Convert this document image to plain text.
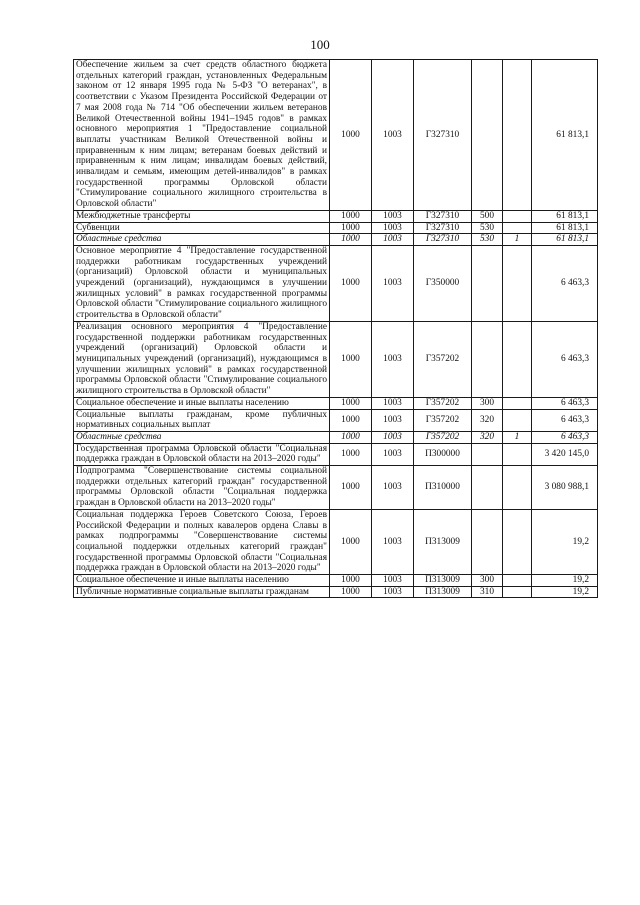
100
Обеспечение жильем за счет средств областного бюджета отдельных категорий граждан, установленных Федеральным законом от 12 января 1995 года № 5-ФЗ "О ветеранах", в соответствии с Указом Президента Российской Федерации от 7 мая 2008 года № 714 "Об обеспечении жильем ветеранов Великой Отечественной войны 1941–1945 годов" в рамках основного мероприятия 1 "Предоставление социальной выплаты участникам Великой Отечественной войны и приравненным к ним лицам; ветеранам боевых действий и приравненным к ним лицам; инвалидам боевых действий, инвалидам и семьям, имеющим детей-инвалидов" в рамках государственной программы Орловской области "Стимулирование социального жилищного строительства в Орловской области"	1000	1003	Г327310			61 813,1
Межбюджетные трансферты	1000	1003	Г327310	500		61 813,1
Субвенции	1000	1003	Г327310	530		61 813,1
Областные средства	1000	1003	Г327310	530	1	61 813,1
Основное мероприятие 4 "Предоставление государственной поддержки работникам государственных учреждений (организаций) Орловской области и муниципальных учреждений (организаций), нуждающимся в улучшении жилищных условий" в рамках государственной программы Орловской области "Стимулирование социального жилищного строительства в Орловской области"	1000	1003	Г350000			6 463,3
Реализация основного мероприятия 4 "Предоставление государственной поддержки работникам государственных учреждений (организаций) Орловской области и муниципальных учреждений (организаций), нуждающимся в улучшении жилищных условий" в рамках государственной программы Орловской области "Стимулирование социального жилищного строительства в Орловской области"	1000	1003	Г357202			6 463,3
Социальное обеспечение и иные выплаты населению	1000	1003	Г357202	300		6 463,3
Социальные выплаты гражданам, кроме публичных нормативных социальных выплат	1000	1003	Г357202	320		6 463,3
Областные средства	1000	1003	Г357202	320	1	6 463,3
Государственная программа Орловской области "Социальная поддержка граждан в Орловской области на 2013–2020 годы"	1000	1003	П300000			3 420 145,0
Подпрограмма "Совершенствование системы социальной поддержки отдельных категорий граждан" государственной программы Орловской области "Социальная поддержка граждан в Орловской области на 2013–2020 годы"	1000	1003	П310000			3 080 988,1
Социальная поддержка Героев Советского Союза, Героев Российской Федерации и полных кавалеров ордена Славы в рамках подпрограммы "Совершенствование системы социальной поддержки отдельных категорий граждан" государственной программы Орловской области "Социальная поддержка граждан в Орловской области на 2013–2020 годы"	1000	1003	П313009			19,2
Социальное обеспечение и иные выплаты населению	1000	1003	П313009	300		19,2
Публичные нормативные социальные выплаты гражданам	1000	1003	П313009	310		19,2
